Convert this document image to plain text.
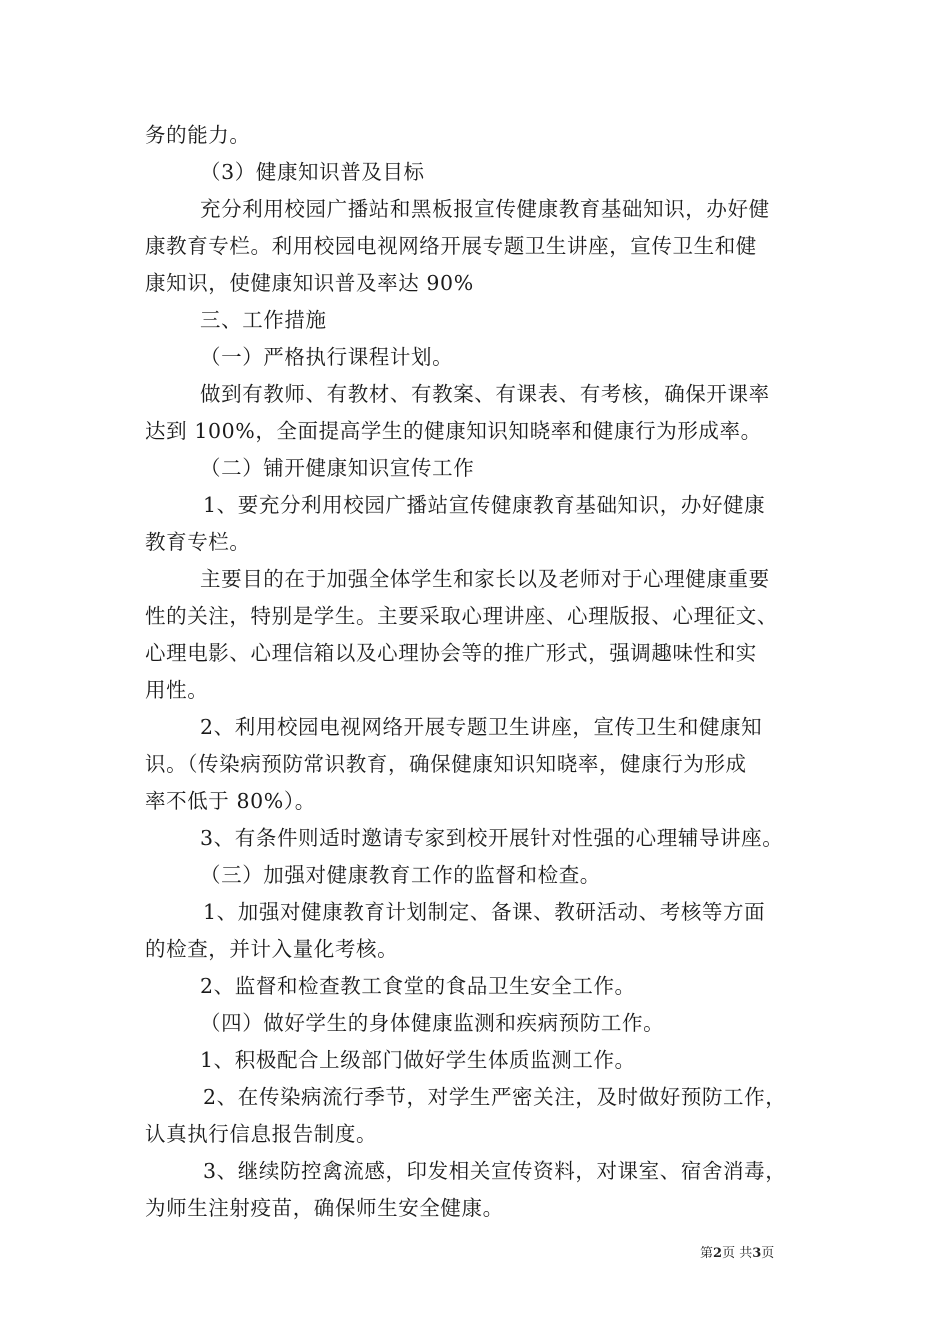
务的能力。
（3）健康知识普及目标
充分利用校园广播站和黑板报宣传健康教育基础知识，办好健
康教育专栏。利用校园电视网络开展专题卫生讲座，宣传卫生和健
康知识，使健康知识普及率达 90%
三、工作措施
（一）严格执行课程计划。
做到有教师、有教材、有教案、有课表、有考核，确保开课率
达到 100%，全面提高学生的健康知识知晓率和健康行为形成率。
（二）铺开健康知识宣传工作
1、要充分利用校园广播站宣传健康教育基础知识，办好健康
教育专栏。
主要目的在于加强全体学生和家长以及老师对于心理健康重要
性的关注，特别是学生。主要采取心理讲座、心理版报、心理征文、
心理电影、心理信箱以及心理协会等的推广形式，强调趣味性和实
用性。
2、利用校园电视网络开展专题卫生讲座，宣传卫生和健康知
识。（传染病预防常识教育，确保健康知识知晓率，健康行为形成
率不低于 80%）。
3、有条件则适时邀请专家到校开展针对性强的心理辅导讲座。
（三）加强对健康教育工作的监督和检查。
1、加强对健康教育计划制定、备课、教研活动、考核等方面
的检查，并计入量化考核。
2、监督和检查教工食堂的食品卫生安全工作。
（四）做好学生的身体健康监测和疾病预防工作。
1、积极配合上级部门做好学生体质监测工作。
2、在传染病流行季节，对学生严密关注，及时做好预防工作，
认真执行信息报告制度。
3、继续防控禽流感，印发相关宣传资料，对课室、宿舍消毒，
为师生注射疫苗，确保师生安全健康。
第2页 共3页
